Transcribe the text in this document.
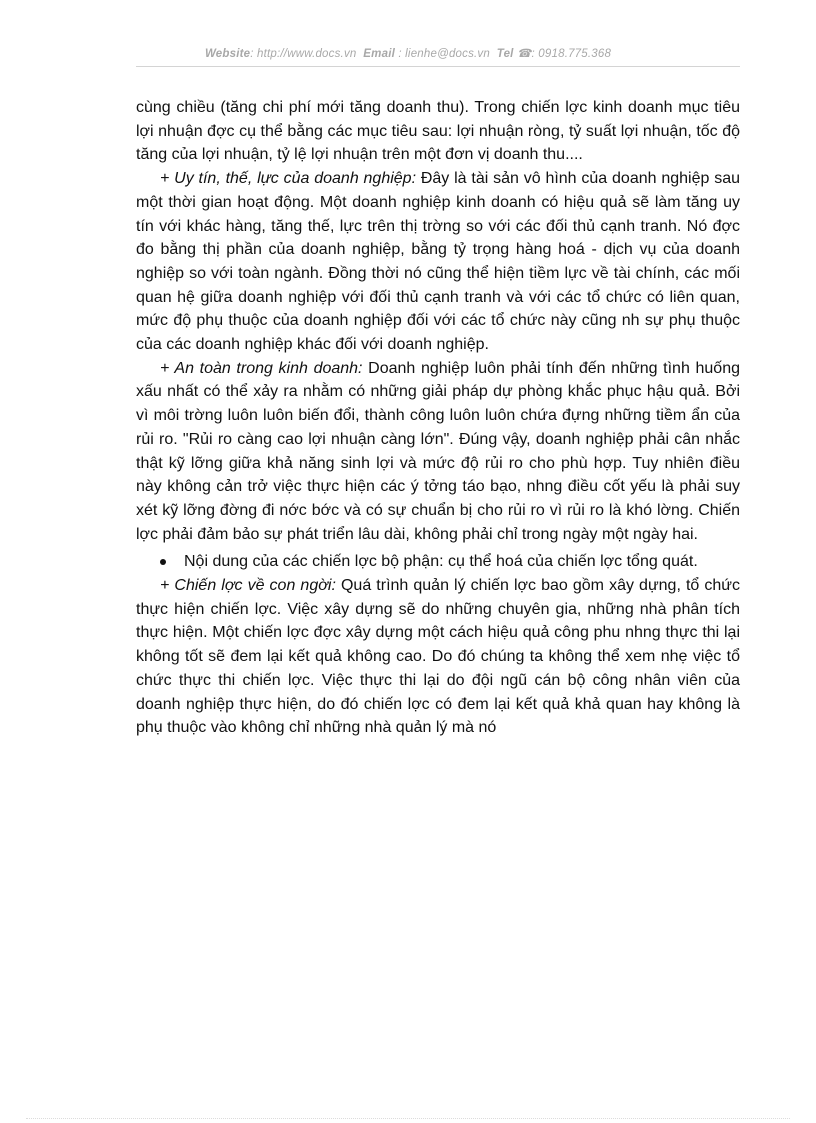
Website: http://www.docs.vn Email : lienhe@docs.vn Tel ☎: 0918.775.368

cùng chiều (tăng chi phí mới tăng doanh thu). Trong chiến lợc kinh doanh mục tiêu lợi nhuận đợc cụ thể bằng các mục tiêu sau: lợi nhuận ròng, tỷ suất lợi nhuận, tốc độ tăng của lợi nhuận, tỷ lệ lợi nhuận trên một đơn vị doanh thu....

+ Uy tín, thế, lực của doanh nghiệp: Đây là tài sản vô hình của doanh nghiệp sau một thời gian hoạt động. Một doanh nghiệp kinh doanh có hiệu quả sẽ làm tăng uy tín với khác hàng, tăng thế, lực trên thị trờng so với các đối thủ cạnh tranh. Nó đợc đo bằng thị phần của doanh nghiệp, bằng tỷ trọng hàng hoá - dịch vụ của doanh nghiệp so với toàn ngành. Đồng thời nó cũng thể hiện tiềm lực về tài chính, các mối quan hệ giữa doanh nghiệp với đối thủ cạnh tranh và với các tổ chức có liên quan, mức độ phụ thuộc của doanh nghiệp đối với các tổ chức này cũng nh sự phụ thuộc của các doanh nghiệp khác đối với doanh nghiệp.

+ An toàn trong kinh doanh: Doanh nghiệp luôn phải tính đến những tình huống xấu nhất có thể xảy ra nhằm có những giải pháp dự phòng khắc phục hậu quả. Bởi vì môi trờng luôn luôn biến đổi, thành công luôn luôn chứa đựng những tiềm ẩn của rủi ro. "Rủi ro càng cao lợi nhuận càng lớn". Đúng vậy, doanh nghiệp phải cân nhắc thật kỹ lỡng giữa khả năng sinh lợi và mức độ rủi ro cho phù hợp. Tuy nhiên điều này không cản trở việc thực hiện các ý tởng táo bạo, nhng điều cốt yếu là phải suy xét kỹ lỡng đờng đi nớc bớc và có sự chuẩn bị cho rủi ro vì rủi ro là khó lờng. Chiến lợc phải đảm bảo sự phát triển lâu dài, không phải chỉ trong ngày một ngày hai.

Nội dung của các chiến lợc bộ phận: cụ thể hoá của chiến lợc tổng quát.

+ Chiến lợc về con ngời: Quá trình quản lý chiến lợc bao gồm xây dựng, tổ chức thực hiện chiến lợc. Việc xây dựng sẽ do những chuyên gia, những nhà phân tích thực hiện. Một chiến lợc đợc xây dựng một cách hiệu quả công phu nhng thực thi lại không tốt sẽ đem lại kết quả không cao. Do đó chúng ta không thể xem nhẹ việc tổ chức thực thi chiến lợc. Việc thực thi lại do đội ngũ cán bộ công nhân viên của doanh nghiệp thực hiện, do đó chiến lợc có đem lại kết quả khả quan hay không là phụ thuộc vào không chỉ những nhà quản lý mà nó
